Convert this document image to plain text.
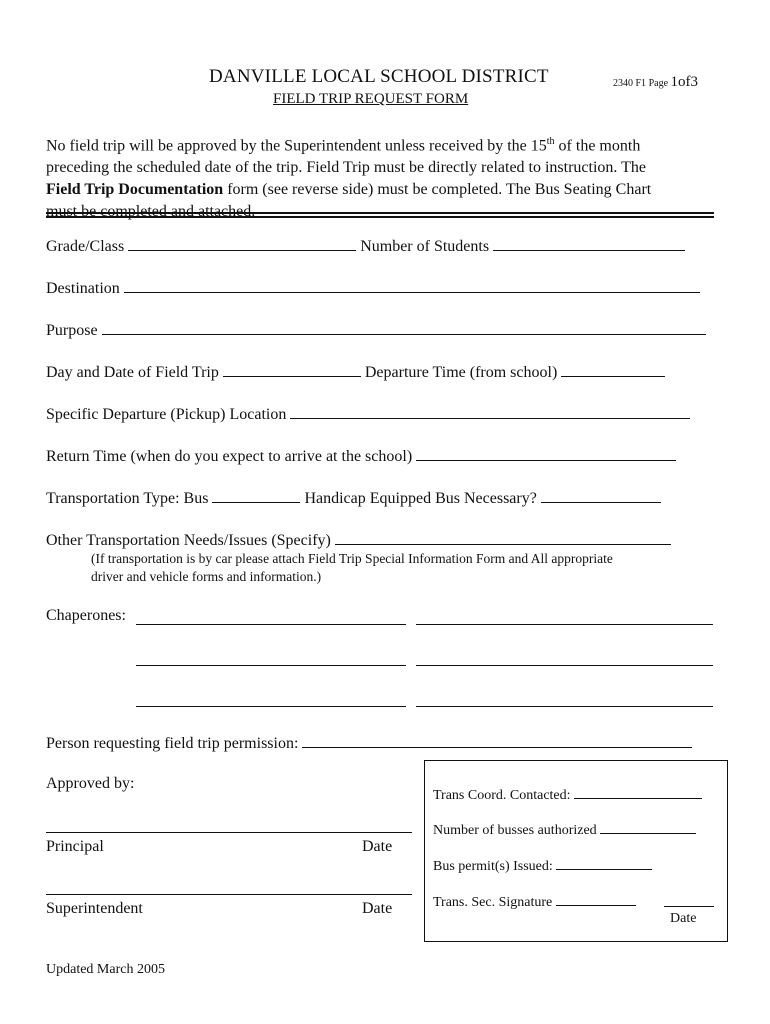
DANVILLE LOCAL SCHOOL DISTRICT	2340 F1 Page 1of3
FIELD TRIP REQUEST FORM

No field trip will be approved by the Superintendent unless received by the 15th of the month

preceding the scheduled date of the trip. Field Trip must be directly related to instruction. The

Field Trip Documentation form (see reverse side) must be completed. The Bus Seating Chart

must be completed and attached.

Grade/Class	Number of Students
Destination
Purpose
Day and Date of Field Trip	Departure Time (from school)
Specific Departure (Pickup) Location
Return Time (when do you expect to arrive at the school)
Transportation Type: Bus	Handicap Equipped Bus Necessary?
Other Transportation Needs/Issues (Specify)
(If transportation is by car please attach Field Trip Special Information Form and All appropriate
driver and vehicle forms and information.)
Chaperones:
Person requesting field trip permission:
Approved by:
Principal	Date
Superintendent	Date
Trans Coord. Contacted:
Number of busses authorized
Bus permit(s) Issued:
Trans. Sec. Signature
Date
Updated March 2005
